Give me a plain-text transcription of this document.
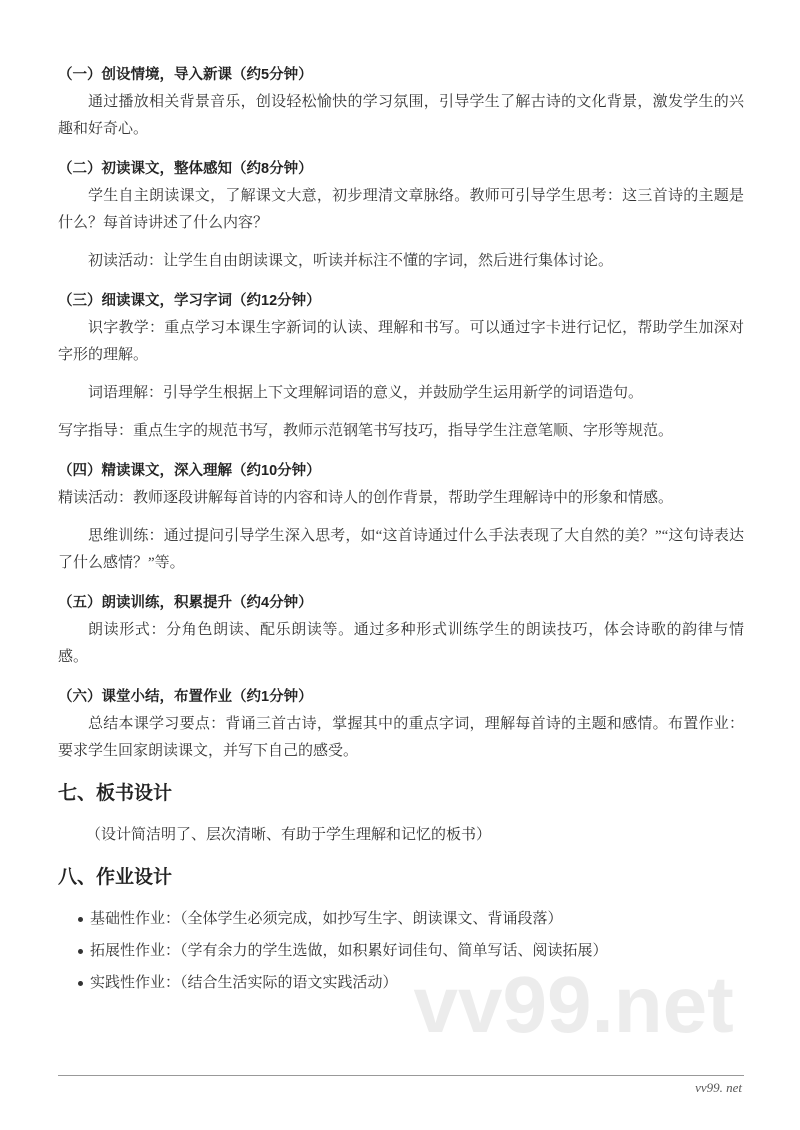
（一）创设情境，导入新课（约5分钟）
通过播放相关背景音乐，创设轻松愉快的学习氛围，引导学生了解古诗的文化背景，激发学生的兴趣和好奇心。
（二）初读课文，整体感知（约8分钟）
学生自主朗读课文，了解课文大意，初步理清文章脉络。教师可引导学生思考：这三首诗的主题是什么？每首诗讲述了什么内容？
初读活动：让学生自由朗读课文，听读并标注不懂的字词，然后进行集体讨论。
（三）细读课文，学习字词（约12分钟）
识字教学：重点学习本课生字新词的认读、理解和书写。可以通过字卡进行记忆，帮助学生加深对字形的理解。
词语理解：引导学生根据上下文理解词语的意义，并鼓励学生运用新学的词语造句。
写字指导：重点生字的规范书写，教师示范钢笔书写技巧，指导学生注意笔顺、字形等规范。
（四）精读课文，深入理解（约10分钟）
精读活动：教师逐段讲解每首诗的内容和诗人的创作背景，帮助学生理解诗中的形象和情感。
思维训练：通过提问引导学生深入思考，如“这首诗通过什么手法表现了大自然的美？”“这句诗表达了什么感情？”等。
（五）朗读训练，积累提升（约4分钟）
朗读形式：分角色朗读、配乐朗读等。通过多种形式训练学生的朗读技巧，体会诗歌的韵律与情感。
（六）课堂小结，布置作业（约1分钟）
总结本课学习要点：背诵三首古诗，掌握其中的重点字词，理解每首诗的主题和感情。布置作业：要求学生回家朗读课文，并写下自己的感受。
七、板书设计
（设计简洁明了、层次清晰、有助于学生理解和记忆的板书）
八、作业设计
基础性作业：（全体学生必须完成，如抄写生字、朗读课文、背诵段落）
拓展性作业：（学有余力的学生选做，如积累好词佳句、简单写话、阅读拓展）
实践性作业：（结合生活实际的语文实践活动） vv99.net
vv99. net
